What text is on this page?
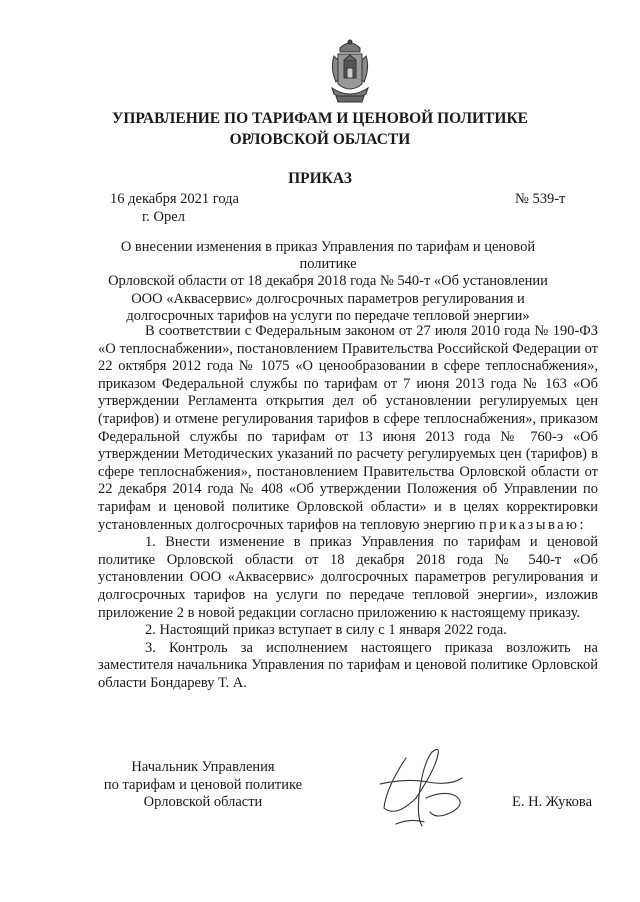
УПРАВЛЕНИЕ ПО ТАРИФАМ И ЦЕНОВОЙ ПОЛИТИКЕ
ОРЛОВСКОЙ ОБЛАСТИ
ПРИКАЗ
16 декабря 2021 года
г. Орел
№ 539-т
О внесении изменения в приказ Управления по тарифам и ценовой политике
Орловской области от 18 декабря 2018 года № 540-т «Об установлении
ООО «Аквасервис» долгосрочных параметров регулирования и
долгосрочных тарифов на услуги по передаче тепловой энергии»

В соответствии с Федеральным законом от 27 июля 2010 года № 190-ФЗ «О теплоснабжении», постановлением Правительства Российской Федерации от 22 октября 2012 года № 1075 «О ценообразовании в сфере теплоснабжения», приказом Федеральной службы по тарифам от 7 июня 2013 года № 163 «Об утверждении Регламента открытия дел об установлении регулируемых цен (тарифов) и отмене регулирования тарифов в сфере теплоснабжения», приказом Федеральной службы по тарифам от 13 июня 2013 года № 760-э «Об утверждении Методических указаний по расчету регулируемых цен (тарифов) в сфере теплоснабжения», постановлением Правительства Орловской области от 22 декабря 2014 года № 408 «Об утверждении Положения об Управлении по тарифам и ценовой политике Орловской области» и в целях корректировки установленных долгосрочных тарифов на тепловую энергию приказываю:

1. Внести изменение в приказ Управления по тарифам и ценовой политике Орловской области от 18 декабря 2018 года № 540-т «Об установлении ООО «Аквасервис» долгосрочных параметров регулирования и долгосрочных тарифов на услуги по передаче тепловой энергии», изложив приложение 2 в новой редакции согласно приложению к настоящему приказу.

2. Настоящий приказ вступает в силу с 1 января 2022 года.

3. Контроль за исполнением настоящего приказа возложить на заместителя начальника Управления по тарифам и ценовой политике Орловской области Бондареву Т. А.

Начальник Управления
по тарифам и ценовой политике
Орловской области	Е. Н. Жукова
